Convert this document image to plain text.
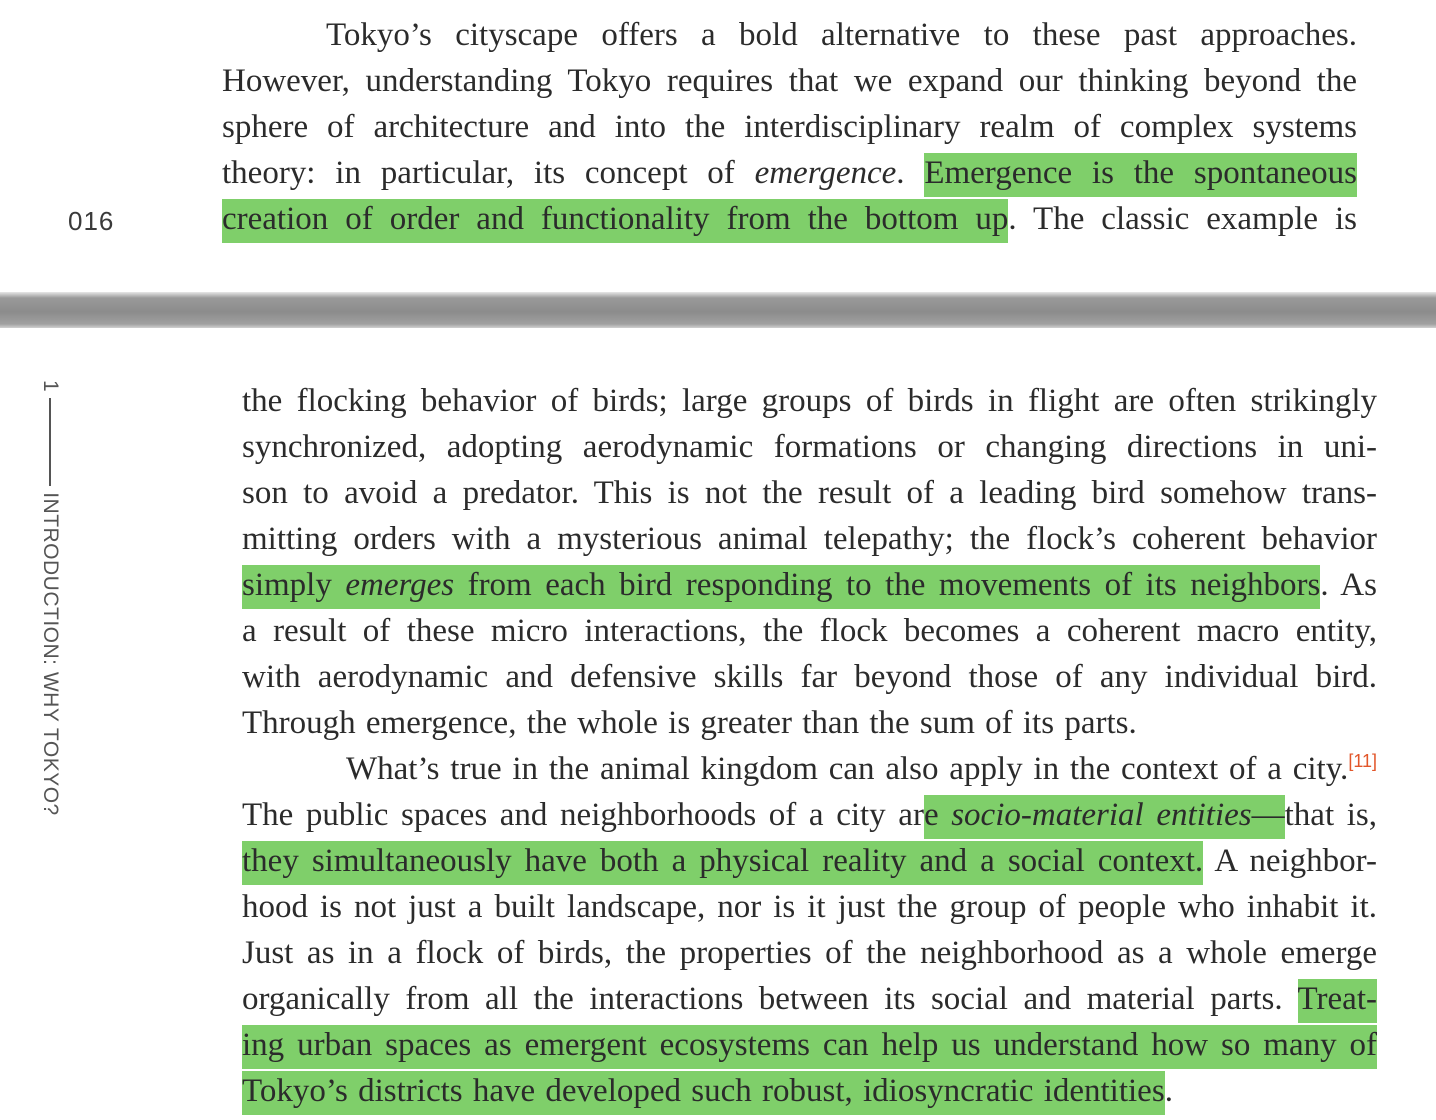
016
Tokyo’s cityscape offers a bold alternative to these past approaches.
However, understanding Tokyo requires that we expand our thinking beyond the
sphere of architecture and into the interdisciplinary realm of complex systems
theory: in particular, its concept of emergence. Emergence is the spontaneous
creation of order and functionality from the bottom up. The classic example is
the flocking behavior of birds; large groups of birds in flight are often strikingly
synchronized, adopting aerodynamic formations or changing directions in uni-
son to avoid a predator. This is not the result of a leading bird somehow trans-
mitting orders with a mysterious animal telepathy; the flock’s coherent behavior
simply emerges from each bird responding to the movements of its neighbors. As
a result of these micro interactions, the flock becomes a coherent macro entity,
with aerodynamic and defensive skills far beyond those of any individual bird.
Through emergence, the whole is greater than the sum of its parts.
What’s true in the animal kingdom can also apply in the context of a city.[11]
The public spaces and neighborhoods of a city are socio-material entities—that is,
they simultaneously have both a physical reality and a social context. A neighbor-
hood is not just a built landscape, nor is it just the group of people who inhabit it.
Just as in a flock of birds, the properties of the neighborhood as a whole emerge
organically from all the interactions between its social and material parts. Treat-
ing urban spaces as emergent ecosystems can help us understand how so many of
Tokyo’s districts have developed such robust, idiosyncratic identities.
1
INTRODUCTION: WHY TOKYO?
